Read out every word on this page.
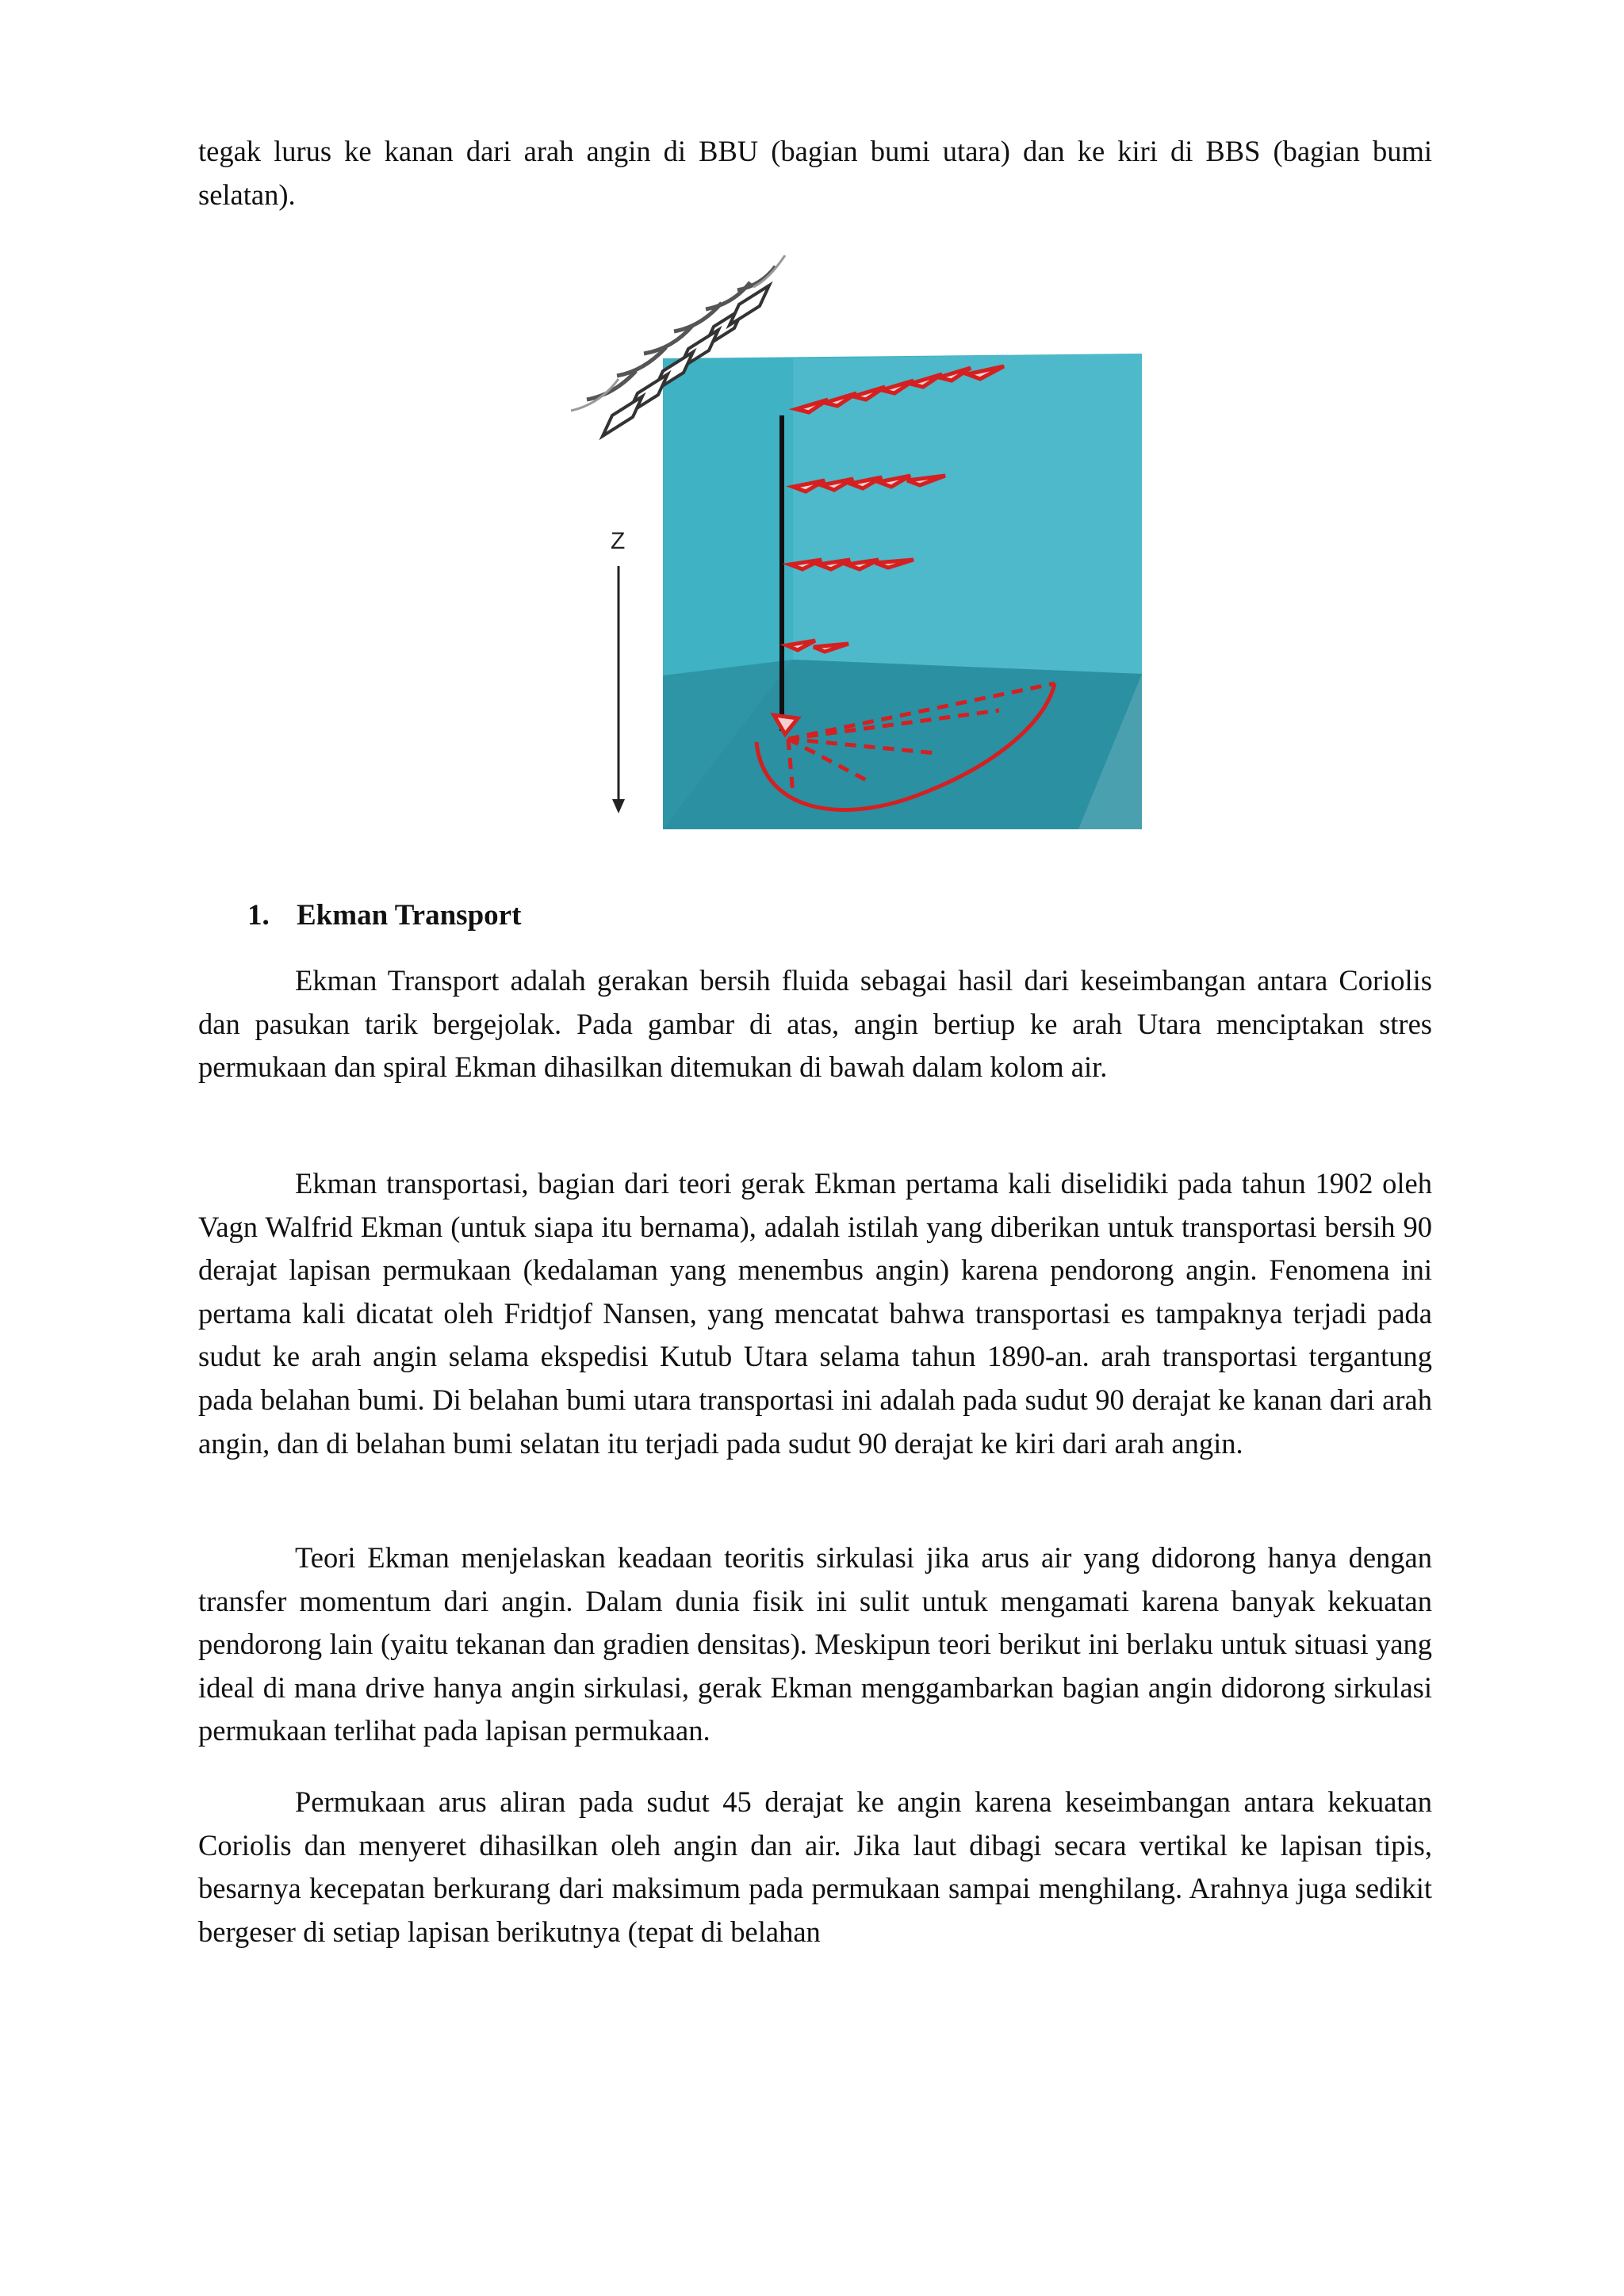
tegak lurus ke kanan dari arah angin di BBU (bagian bumi utara) dan ke kiri di BBS (bagian bumi selatan).

Z
1. Ekman Transport

Ekman Transport adalah gerakan bersih fluida sebagai hasil dari keseimbangan antara Coriolis dan pasukan tarik bergejolak. Pada gambar di atas, angin bertiup ke arah Utara menciptakan stres permukaan dan spiral Ekman dihasilkan ditemukan di bawah dalam kolom air.

Ekman transportasi, bagian dari teori gerak Ekman pertama kali diselidiki pada tahun 1902 oleh Vagn Walfrid Ekman (untuk siapa itu bernama), adalah istilah yang diberikan untuk transportasi bersih 90 derajat lapisan permukaan (kedalaman yang menembus angin) karena pendorong angin. Fenomena ini pertama kali dicatat oleh Fridtjof Nansen, yang mencatat bahwa transportasi es tampaknya terjadi pada sudut ke arah angin selama ekspedisi Kutub Utara selama tahun 1890-an. arah transportasi tergantung pada belahan bumi. Di belahan bumi utara transportasi ini adalah pada sudut 90 derajat ke kanan dari arah angin, dan di belahan bumi selatan itu terjadi pada sudut 90 derajat ke kiri dari arah angin.

Teori Ekman menjelaskan keadaan teoritis sirkulasi jika arus air yang didorong hanya dengan transfer momentum dari angin. Dalam dunia fisik ini sulit untuk mengamati karena banyak kekuatan pendorong lain (yaitu tekanan dan gradien densitas). Meskipun teori berikut ini berlaku untuk situasi yang ideal di mana drive hanya angin sirkulasi, gerak Ekman menggambarkan bagian angin didorong sirkulasi permukaan terlihat pada lapisan permukaan.

Permukaan arus aliran pada sudut 45 derajat ke angin karena keseimbangan antara kekuatan Coriolis dan menyeret dihasilkan oleh angin dan air. Jika laut dibagi secara vertikal ke lapisan tipis, besarnya kecepatan berkurang dari maksimum pada permukaan sampai menghilang. Arahnya juga sedikit bergeser di setiap lapisan berikutnya (tepat di belahan
